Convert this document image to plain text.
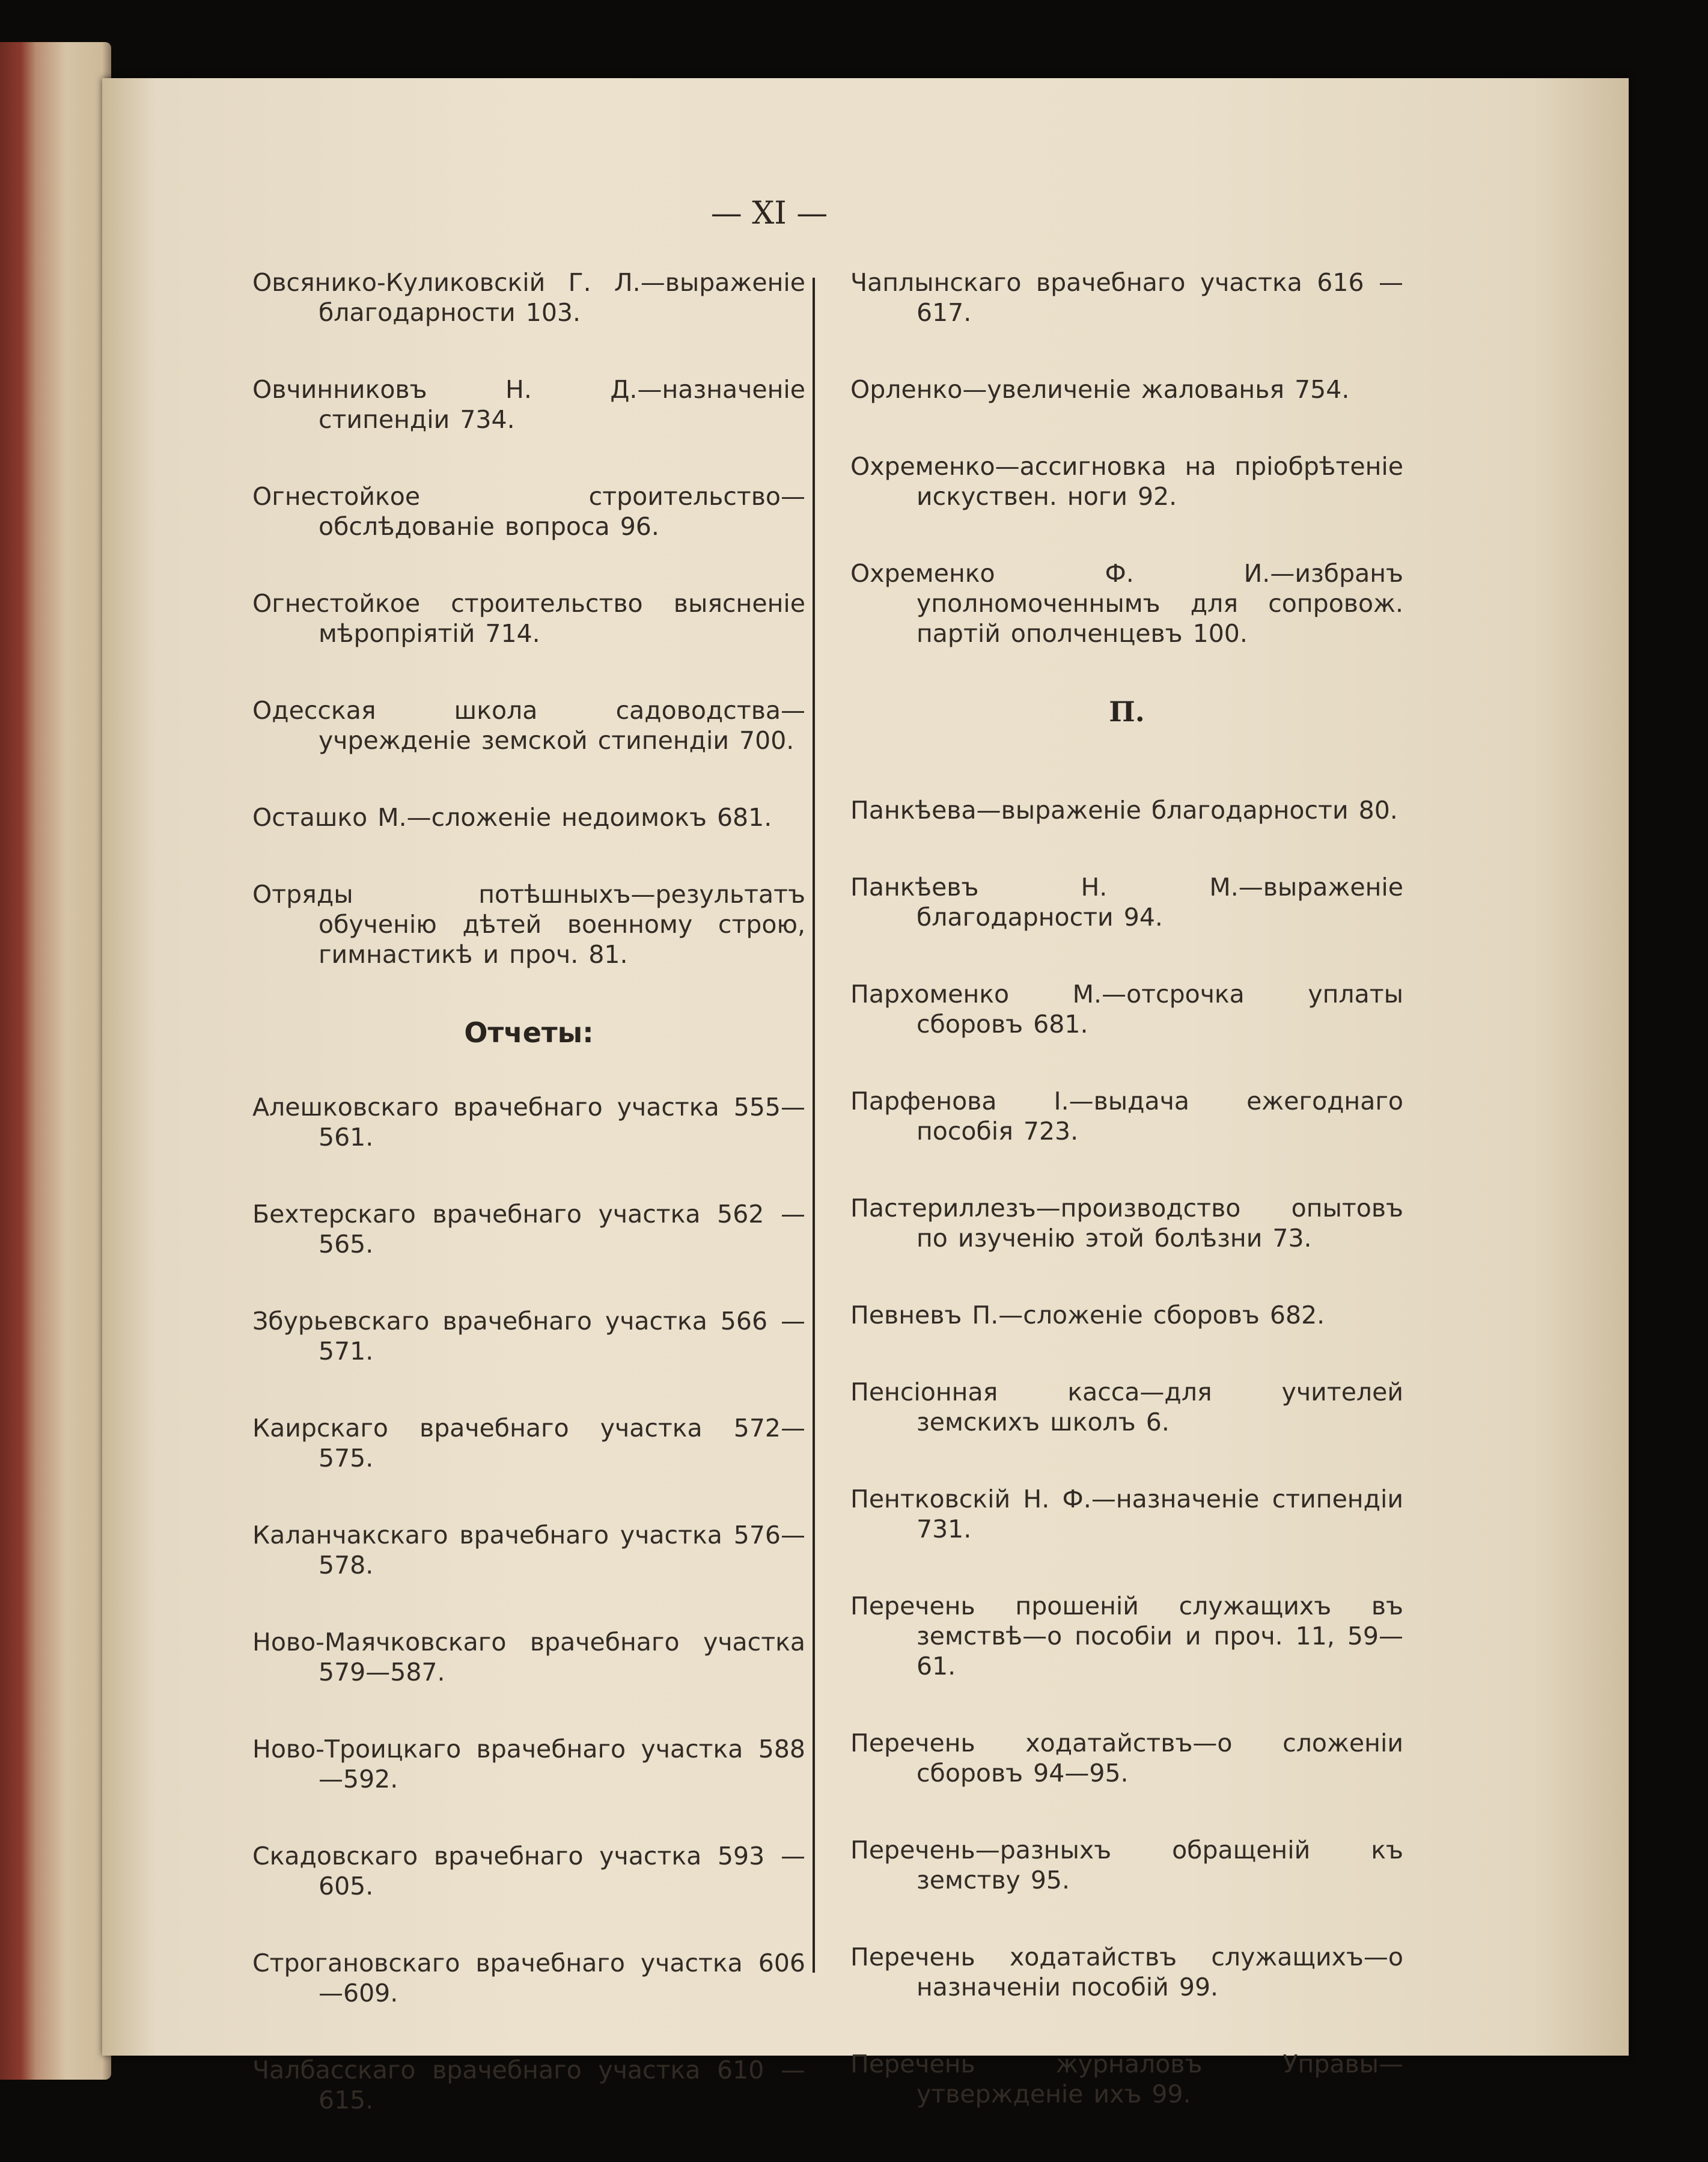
— XI —
Овсянико-Куликовскiй Г. Л.—выраженiе благодарности 103.
Овчинниковъ Н. Д.—назначенiе стипендiи 734.
Огнестойкое строительство—обслѣдованiе вопроса 96.
Огнестойкое строительство выясненiе мѣропрiятiй 714.
Одесская школа садоводства—учрежденiе земской стипендiи 700.
Осташко М.—сложенiе недоимокъ 681.
Отряды потѣшныхъ—результатъ обученiю дѣтей военному строю, гимнастикѣ и проч. 81.
Отчеты:
Алешковскаго врачебнаго участка 555—561.
Бехтерскаго врачебнаго участка 562 —565.
Збурьевскаго врачебнаго участка 566 —571.
Каирскаго врачебнаго участка 572— 575.
Каланчакскаго врачебнаго участка 576—578.
Ново-Маячковскаго врачебнаго участка 579—587.
Ново-Троицкаго врачебнаго участка 588—592.
Скадовскаго врачебнаго участка 593 —605.
Строгановскаго врачебнаго участка 606—609.
Чалбасскаго врачебнаго участка 610 —615.
Чаплынскаго врачебнаго участка 616 —617.
Орленко—увеличенiе жалованья 754.
Охременко—ассигновка на прiобрѣтенiе искуствен. ноги 92.
Охременко Ф. И.—избранъ уполномоченнымъ для сопровож. партiй ополченцевъ 100.
П.
Панкѣева—выраженiе благодарности 80.
Панкѣевъ Н. М.—выраженiе благодарности 94.
Пархоменко М.—отсрочка уплаты сборовъ 681.
Парфенова I.—выдача ежегоднаго пособiя 723.
Пастериллезъ—производство опытовъ по изученiю этой болѣзни 73.
Певневъ П.—сложенiе сборовъ 682.
Пенсiонная касса—для учителей земскихъ школъ 6.
Пентковскiй Н. Ф.—назначенiе стипендiи 731.
Перечень прошенiй служащихъ въ земствѣ—о пособiи и проч. 11, 59—61.
Перечень ходатайствъ—о сложенiи сборовъ 94—95.
Перечень—разныхъ обращенiй къ земству 95.
Перечень ходатайствъ служащихъ—о назначенiи пособiй 99.
Перечень журналовъ Управы—утвержденiе ихъ 99.
